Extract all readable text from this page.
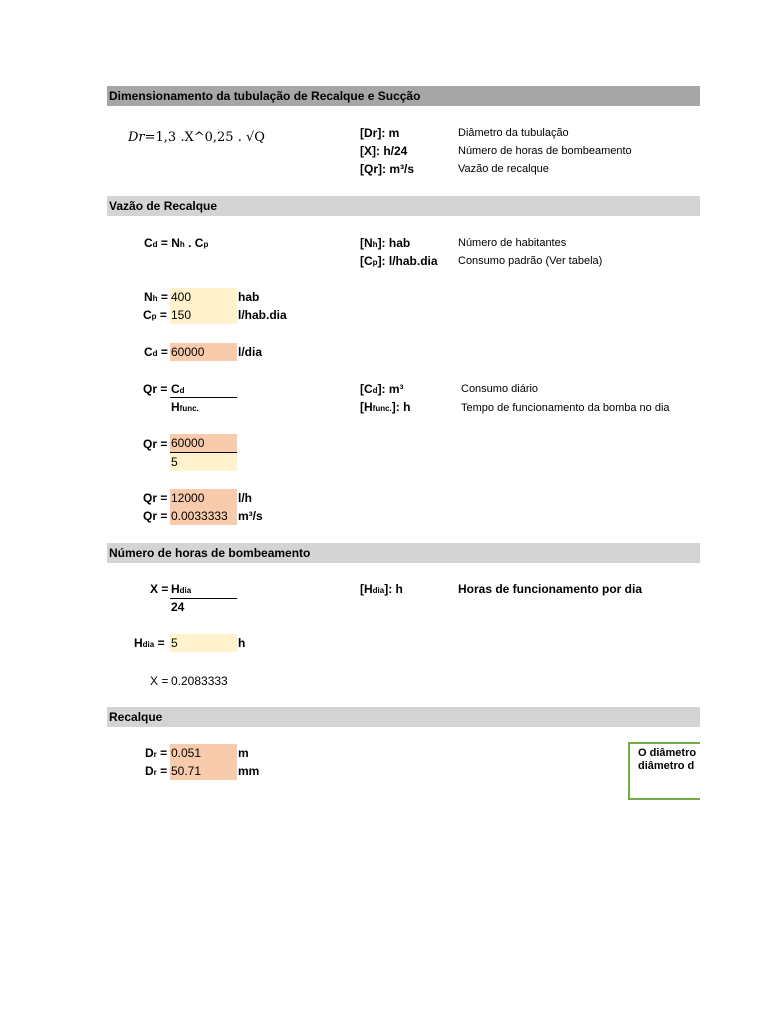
Dimensionamento da tubulação de Recalque e Sucção
Dr=1,3 .X^0,25 . √Q	[Dr]: m	Diâmetro da tubulação
[X]: h/24	Número de horas de bombeamento
[Qr]: m³/s	Vazão de recalque
Vazão de Recalque
Cd = Nh . Cp	[Nh]: hab	Número de habitantes
[Cp]: l/hab.dia Consumo padrão (Ver tabela)
Nh = 400	hab
Cp = 150	l/hab.dia
Cd = 60000	l/dia
Qr = Cd
Hfunc.
[Cd]: m³	Consumo diário
[Hfunc.]: h	Tempo de funcionamento da bomba no dia
Qr = 60000
5
Qr = 12000	l/h
Qr = 0.0033333 m³/s
Número de horas de bombeamento
X = Hdia
24
[Hdia]: h	Horas de funcionamento por dia
Hdia = 5	h
X = 0.2083333
Recalque
Dr = 0.051	m
Dr = 50.71	mm
O diâmetro
diâmetro d
